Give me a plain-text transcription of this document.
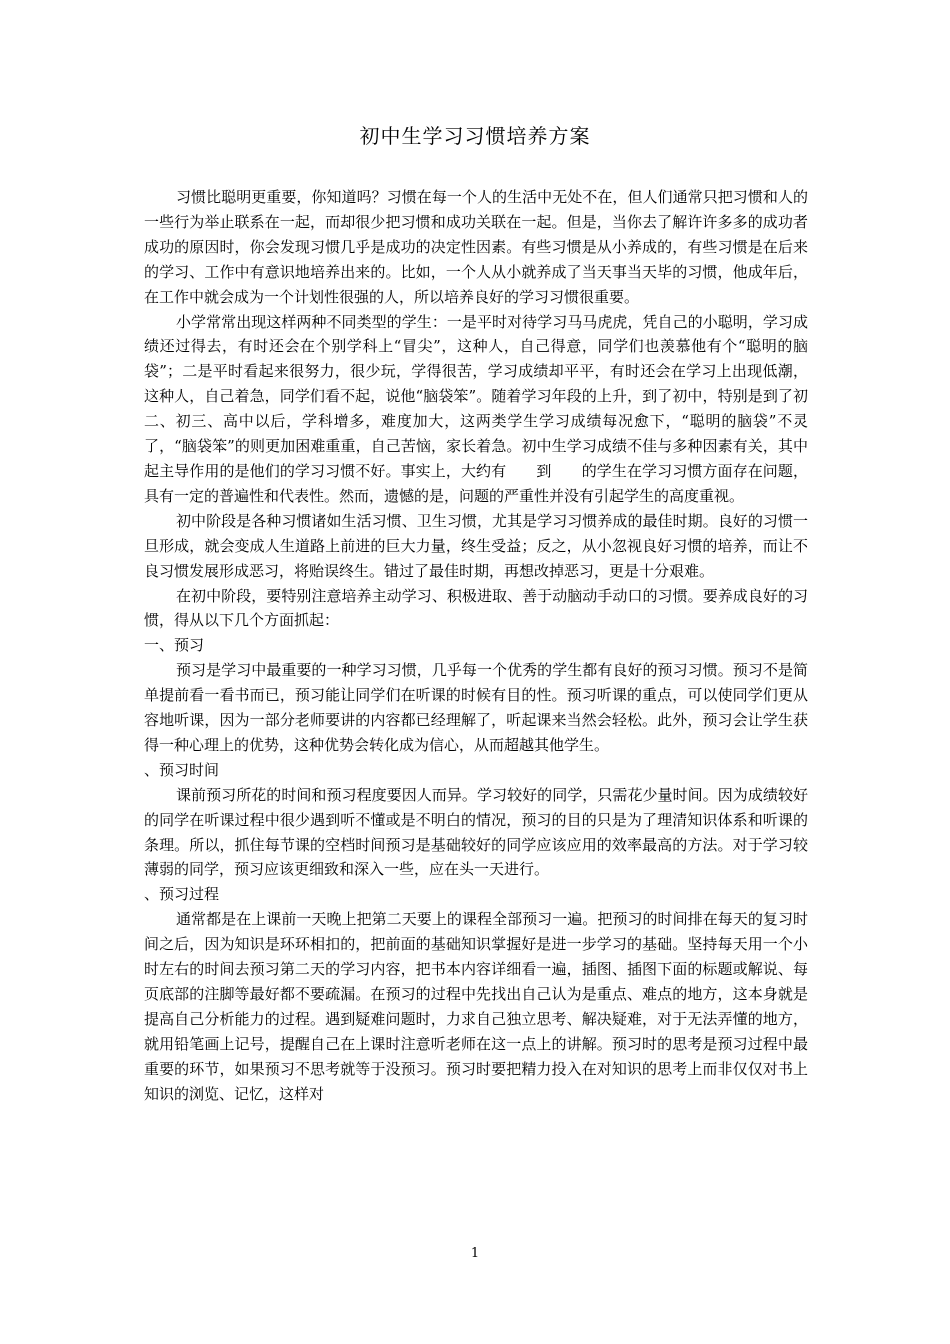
初中生学习习惯培养方案

习惯比聪明更重要，你知道吗？习惯在每一个人的生活中无处不在，但人们通常只把习惯和人的一些行为举止联系在一起，而却很少把习惯和成功关联在一起。但是，当你去了解许许多多的成功者成功的原因时，你会发现习惯几乎是成功的决定性因素。有些习惯是从小养成的，有些习惯是在后来的学习、工作中有意识地培养出来的。比如，一个人从小就养成了当天事当天毕的习惯，他成年后，在工作中就会成为一个计划性很强的人，所以培养良好的学习习惯很重要。

小学常常出现这样两种不同类型的学生：一是平时对待学习马马虎虎，凭自己的小聪明，学习成绩还过得去，有时还会在个别学科上“冒尖”，这种人，自己得意，同学们也羡慕他有个“聪明的脑袋”；二是平时看起来很努力，很少玩，学得很苦，学习成绩却平平，有时还会在学习上出现低潮，这种人，自己着急，同学们看不起，说他“脑袋笨”。随着学习年段的上升，到了初中，特别是到了初二、初三、高中以后，学科增多，难度加大，这两类学生学习成绩每况愈下，“聪明的脑袋”不灵了，“脑袋笨”的则更加困难重重，自己苦恼，家长着急。初中生学习成绩不佳与多种因素有关，其中起主导作用的是他们的学习习惯不好。事实上，大约有　　到　　的学生在学习习惯方面存在问题，具有一定的普遍性和代表性。然而，遗憾的是，问题的严重性并没有引起学生的高度重视。

初中阶段是各种习惯诸如生活习惯、卫生习惯，尤其是学习习惯养成的最佳时期。良好的习惯一旦形成，就会变成人生道路上前进的巨大力量，终生受益；反之，从小忽视良好习惯的培养，而让不良习惯发展形成恶习，将贻误终生。错过了最佳时期，再想改掉恶习，更是十分艰难。

在初中阶段，要特别注意培养主动学习、积极进取、善于动脑动手动口的习惯。要养成良好的习惯，得从以下几个方面抓起：

一、预习

预习是学习中最重要的一种学习习惯，几乎每一个优秀的学生都有良好的预习习惯。预习不是简单提前看一看书而已，预习能让同学们在听课的时候有目的性。预习听课的重点，可以使同学们更从容地听课，因为一部分老师要讲的内容都已经理解了，听起课来当然会轻松。此外，预习会让学生获得一种心理上的优势，这种优势会转化成为信心，从而超越其他学生。

、预习时间

课前预习所花的时间和预习程度要因人而异。学习较好的同学，只需花少量时间。因为成绩较好的同学在听课过程中很少遇到听不懂或是不明白的情况，预习的目的只是为了理清知识体系和听课的条理。所以，抓住每节课的空档时间预习是基础较好的同学应该应用的效率最高的方法。对于学习较薄弱的同学，预习应该更细致和深入一些，应在头一天进行。

、预习过程

通常都是在上课前一天晚上把第二天要上的课程全部预习一遍。把预习的时间排在每天的复习时间之后，因为知识是环环相扣的，把前面的基础知识掌握好是进一步学习的基础。坚持每天用一个小时左右的时间去预习第二天的学习内容，把书本内容详细看一遍，插图、插图下面的标题或解说、每页底部的注脚等最好都不要疏漏。在预习的过程中先找出自己认为是重点、难点的地方，这本身就是提高自己分析能力的过程。遇到疑难问题时，力求自己独立思考、解决疑难，对于无法弄懂的地方，就用铅笔画上记号，提醒自己在上课时注意听老师在这一点上的讲解。预习时的思考是预习过程中最重要的环节，如果预习不思考就等于没预习。预习时要把精力投入在对知识的思考上而非仅仅对书上知识的浏览、记忆，这样对

1
